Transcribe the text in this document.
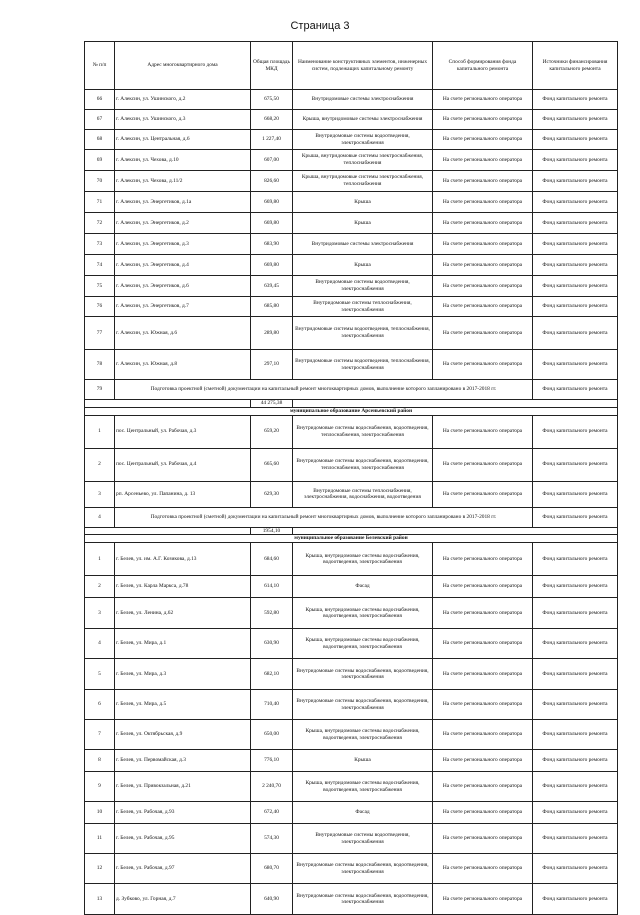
Страница 3
№ п/п	Адрес многоквартирного дома	Общая площадь МКД	Наименование конструктивных элементов, инженерных систем, подлежащих капитальному ремонту	Способ формирования фонда капитального ремонта	Источники финансирования капитального ремонта
66	г. Алексин, ул. Ушинского, д.2	675,50	Внутридомовые системы электроснабжения	На счете регионального оператора	Фонд капитального ремонта
67	г. Алексин, ул. Ушинского, д.3	668,20	Крыша, внутридомовые системы электроснабжения	На счете регионального оператора	Фонд капитального ремонта
68	г. Алексин, ул. Центральная, д.6	1 227,40	Внутридомовые системы водоотведения, электроснабжения	На счете регионального оператора	Фонд капитального ремонта
69	г. Алексин, ул. Чехова, д.10	607,00	Крыша, внутридомовые системы электроснабжения, теплоснабжения	На счете регионального оператора	Фонд капитального ремонта
70	г. Алексин, ул. Чехова, д.11/2	826,60	Крыша, внутридомовые системы электроснабжения, теплоснабжения	На счете регионального оператора	Фонд капитального ремонта
71	г. Алексин, ул. Энергетиков, д.1а	669,80	Крыша	На счете регионального оператора	Фонд капитального ремонта
72	г. Алексин, ул. Энергетиков, д.2	669,80	Крыша	На счете регионального оператора	Фонд капитального ремонта
73	г. Алексин, ул. Энергетиков, д.3	683,90	Внутридомовые системы электроснабжения	На счете регионального оператора	Фонд капитального ремонта
74	г. Алексин, ул. Энергетиков, д.4	669,80	Крыша	На счете регионального оператора	Фонд капитального ремонта
75	г. Алексин, ул. Энергетиков, д.6	639,45	Внутридомовые системы водоотведения, электроснабжения	На счете регионального оператора	Фонд капитального ремонта
76	г. Алексин, ул. Энергетиков, д.7	685,80	Внутридомовые системы теплоснабжения, электроснабжения	На счете регионального оператора	Фонд капитального ремонта
77	г. Алексин, ул. Южная, д.6	289,80	Внутридомовые системы водоотведения, теплоснабжения, электроснабжения	На счете регионального оператора	Фонд капитального ремонта
78	г. Алексин, ул. Южная, д.8	297,10	Внутридомовые системы водоотведения, теплоснабжения, электроснабжения	На счете регионального оператора	Фонд капитального ремонта
79	Подготовка проектной (сметной) документации на капитальный ремонт многоквартирных домов, выполнение которого запланировано в 2017-2018 гг.				Фонд капитального ремонта
		44 275,38			
муниципальное образование Арсеньевский район					
1	пос. Центральный, ул. Рабочая, д.3	659,20	Внутридомовые системы водоснабжения, водоотведения, теплоснабжения, электроснабжения	На счете регионального оператора	Фонд капитального ремонта
2	пос. Центральный, ул. Рабочая, д.4	665,60	Внутридомовые системы водоснабжения, водоотведения, теплоснабжения, электроснабжения	На счете регионального оператора	Фонд капитального ремонта
3	рп. Арсеньево, ул. Папанина, д. 13	629,30	Внутридомовые системы теплоснабжения, электроснабжения, водоснабжения, водоотведения	На счете регионального оператора	Фонд капитального ремонта
4	Подготовка проектной (сметной) документации на капитальный ремонт многоквартирных домов, выполнение которого запланировано в 2017-2018 гг.				Фонд капитального ремонта
		1954,10			
муниципальное образование Белевский район					
1	г. Белев, ул. им. А.Г. Козикова, д.13	684,60	Крыша, внутридомовые системы водоснабжения, водоотведения, электроснабжения	На счете регионального оператора	Фонд капитального ремонта
2	г. Белев, ул. Карла Маркса, д.78	614,10	Фасад	На счете регионального оператора	Фонд капитального ремонта
3	г. Белев, ул. Ленина, д.62	592,80	Крыша, внутридомовые системы водоснабжения, водоотведения, электроснабжения	На счете регионального оператора	Фонд капитального ремонта
4	г. Белев, ул. Мира, д.1	630,90	Крыша, внутридомовые системы водоснабжения, водоотведения, электроснабжения	На счете регионального оператора	Фонд капитального ремонта
5	г. Белев, ул. Мира, д.3	682,10	Внутридомовые системы водоснабжения, водоотведения, электроснабжения	На счете регионального оператора	Фонд капитального ремонта
6	г. Белев, ул. Мира, д.5	710,40	Внутридомовые системы водоснабжения, водоотведения, электроснабжения	На счете регионального оператора	Фонд капитального ремонта
7	г. Белев, ул. Октябрьская, д.9	650,00	Крыша, внутридомовые системы водоснабжения, водоотведения, электроснабжения	На счете регионального оператора	Фонд капитального ремонта
8	г. Белев, ул. Первомайская, д.3	776,10	Крыша	На счете регионального оператора	Фонд капитального ремонта
9	г. Белев, ул. Привокзальная, д.21	2 240,70	Крыша, внутридомовые системы водоснабжения, водоотведения, электроснабжения	На счете регионального оператора	Фонд капитального ремонта
10	г. Белев, ул. Рабочая, д.93	672,40	Фасад	На счете регионального оператора	Фонд капитального ремонта
11	г. Белев, ул. Рабочая, д.95	574,30	Внутридомовые системы водоотведения, электроснабжения	На счете регионального оператора	Фонд капитального ремонта
12	г. Белев, ул. Рабочая, д.97	680,70	Внутридомовые системы водоснабжения, водоотведения, электроснабжения	На счете регионального оператора	Фонд капитального ремонта
13	д. Зубково, ул. Горная, д.7	640,90	Внутридомовые системы водоснабжения, водоотведения, электроснабжения	На счете регионального оператора	Фонд капитального ремонта
